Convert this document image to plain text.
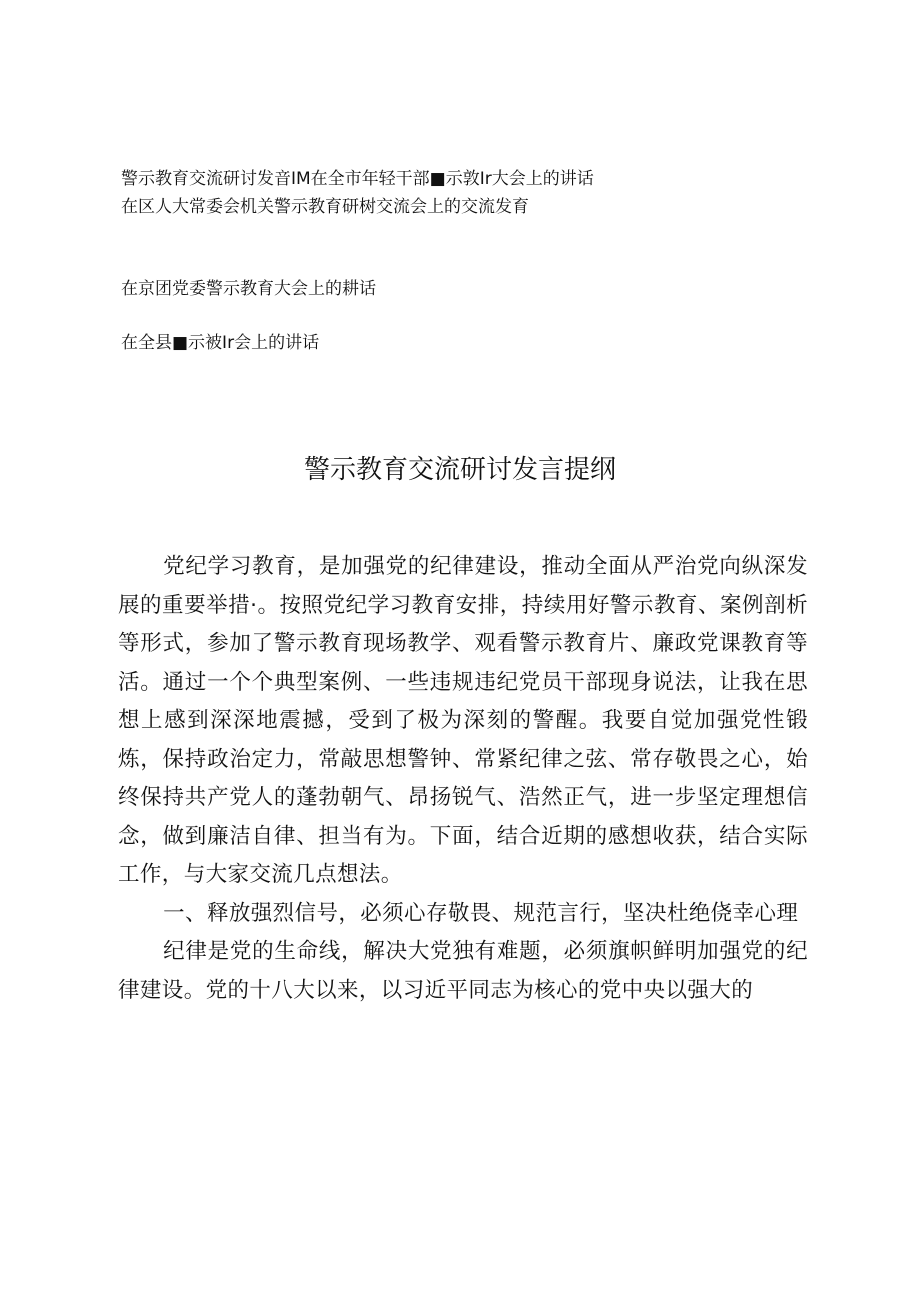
警示教育交流研讨发音IM在全市年轻干部■示敦Ir大会上的讲话
在区人大常委会机关警示教育研树交流会上的交流发育
在京团党委警示教育大会上的耕话
在全县■示被Ir会上的讲话
警示教育交流研讨发言提纲

党纪学习教育，是加强党的纪律建设，推动全面从严治党向纵深发展的重要举措·。按照党纪学习教育安排，持续用好警示教育、案例剖析等形式，参加了警示教育现场教学、观看警示教育片、廉政党课教育等活。通过一个个典型案例、一些违规违纪党员干部现身说法，让我在思想上感到深深地震撼，受到了极为深刻的警醒。我要自觉加强党性锻炼，保持政治定力，常敲思想警钟、常紧纪律之弦、常存敬畏之心，始终保持共产党人的蓬勃朝气、昂扬锐气、浩然正气，进一步坚定理想信念，做到廉洁自律、担当有为。下面，结合近期的感想收获，结合实际工作，与大家交流几点想法。

一、释放强烈信号，必须心存敬畏、规范言行，坚决杜绝侥幸心理

纪律是党的生命线，解决大党独有难题，必须旗帜鲜明加强党的纪律建设。党的十八大以来，以习近平同志为核心的党中央以强大的
